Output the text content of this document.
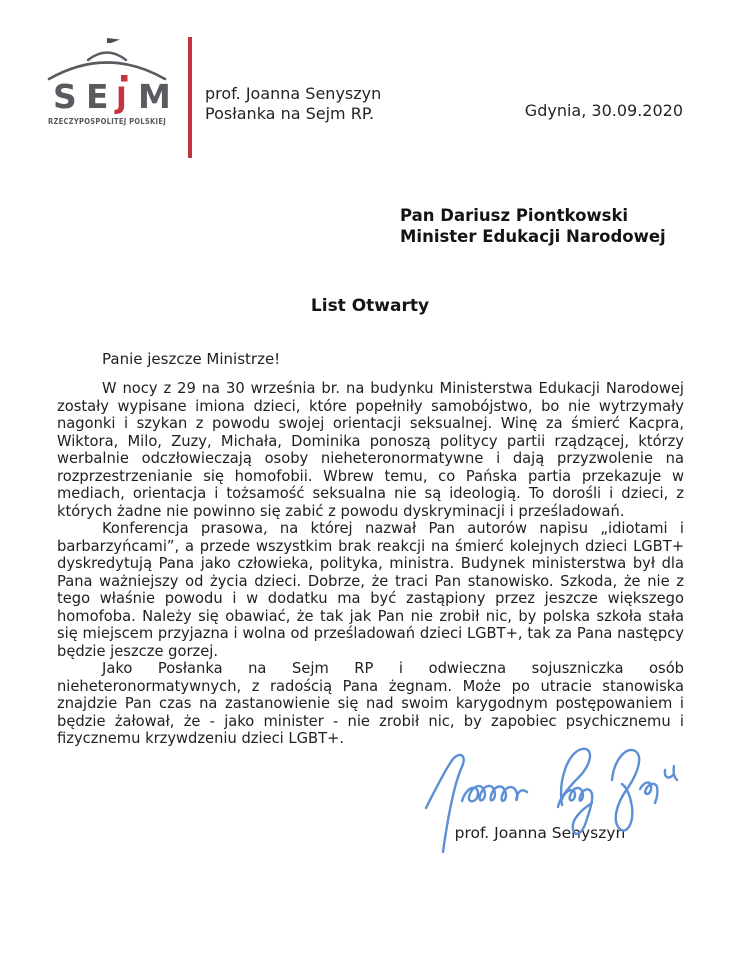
S E J M
RZECZYPOSPOLITEJ POLSKIEJ
prof. Joanna Senyszyn
Posłanka na Sejm RP.	Gdynia, 30.09.2020
Pan Dariusz Piontkowski
Minister Edukacji Narodowej
List Otwarty
Panie jeszcze Ministrze!

W nocy z 29 na 30 września br. na budynku Ministerstwa Edukacji Narodowej zostały wypisane imiona dzieci, które popełniły samobójstwo, bo nie wytrzymały nagonki i szykan z powodu swojej orientacji seksualnej. Winę za śmierć Kacpra, Wiktora, Milo, Zuzy, Michała, Dominika ponoszą politycy partii rządzącej, którzy werbalnie odczłowieczają osoby nieheteronormatywne i dają przyzwolenie na rozprzestrzenianie się homofobii. Wbrew temu, co Pańska partia przekazuje w mediach, orientacja i tożsamość seksualna nie są ideologią. To dorośli i dzieci, z których żadne nie powinno się zabić z powodu dyskryminacji i prześladowań.

Konferencja prasowa, na której nazwał Pan autorów napisu „idiotami i barbarzyńcami”, a przede wszystkim brak reakcji na śmierć kolejnych dzieci LGBT+ dyskredytują Pana jako człowieka, polityka, ministra. Budynek ministerstwa był dla Pana ważniejszy od życia dzieci. Dobrze, że traci Pan stanowisko. Szkoda, że nie z tego właśnie powodu i w dodatku ma być zastąpiony przez jeszcze większego homofoba. Należy się obawiać, że tak jak Pan nie zrobił nic, by polska szkoła stała się miejscem przyjazna i wolna od prześladowań dzieci LGBT+, tak za Pana następcy będzie jeszcze gorzej.

Jako Posłanka na Sejm RP i odwieczna sojuszniczka osób nieheteronormatywnych, z radością Pana żegnam. Może po utracie stanowiska znajdzie Pan czas na zastanowienie się nad swoim karygodnym postępowaniem i będzie żałował, że - jako minister - nie zrobił nic, by zapobiec psychicznemu i fizycznemu krzywdzeniu dzieci LGBT+.

prof. Joanna Senyszyn
